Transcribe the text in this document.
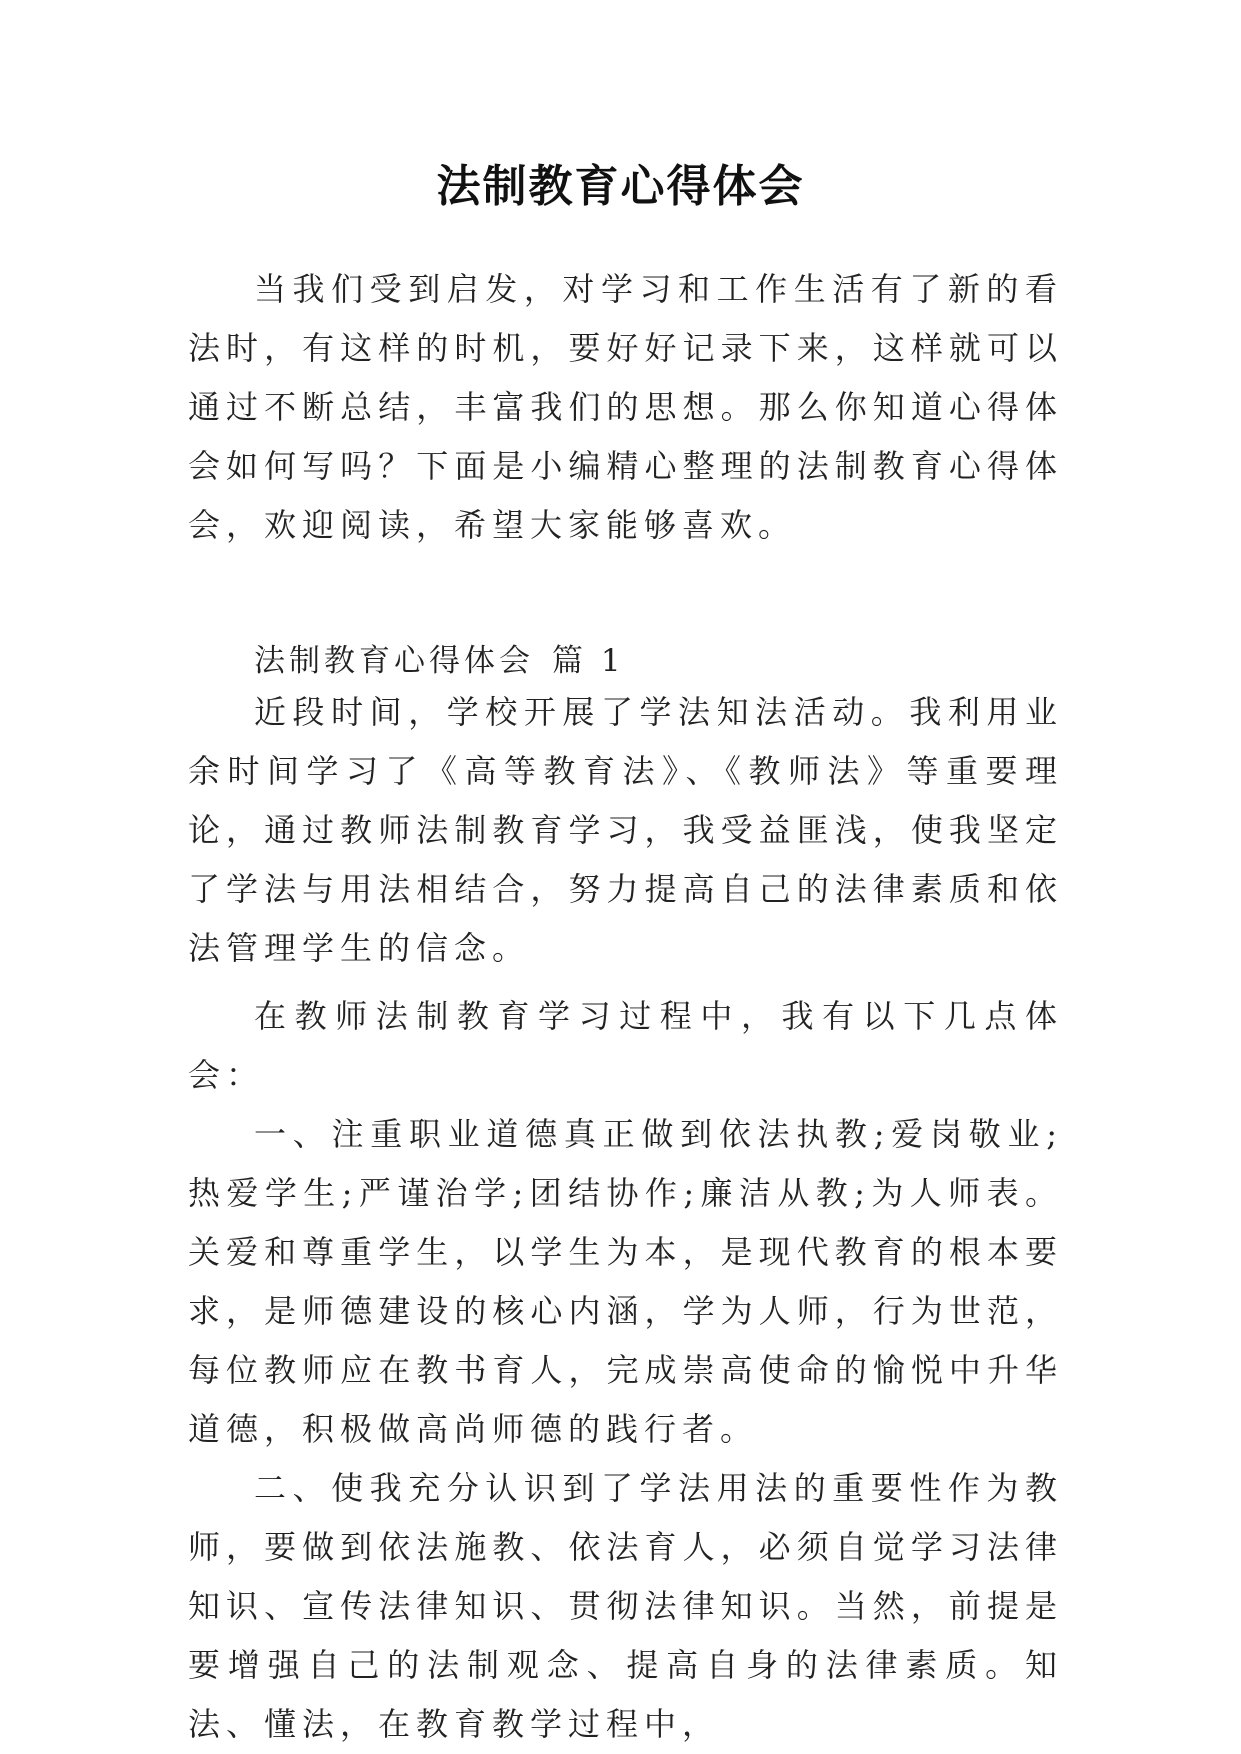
法制教育心得体会

当我们受到启发，对学习和工作生活有了新的看法时，有这样的时机，要好好记录下来，这样就可以通过不断总结，丰富我们的思想。那么你知道心得体会如何写吗？下面是小编精心整理的法制教育心得体会，欢迎阅读，希望大家能够喜欢。

法制教育心得体会 篇 1

近段时间，学校开展了学法知法活动。我利用业余时间学习了《高等教育法》、《教师法》等重要理论，通过教师法制教育学习，我受益匪浅，使我坚定了学法与用法相结合，努力提高自己的法律素质和依法管理学生的信念。

在教师法制教育学习过程中，我有以下几点体会：

一、注重职业道德真正做到依法执教;爱岗敬业;热爱学生;严谨治学;团结协作;廉洁从教;为人师表。关爱和尊重学生，以学生为本，是现代教育的根本要求，是师德建设的核心内涵，学为人师，行为世范，每位教师应在教书育人，完成崇高使命的愉悦中升华道德，积极做高尚师德的践行者。

二、使我充分认识到了学法用法的重要性作为教师，要做到依法施教、依法育人，必须自觉学习法律知识、宣传法律知识、贯彻法律知识。当然，前提是要增强自己的法制观念、提高自身的法律素质。知法、懂法，在教育教学过程中，
